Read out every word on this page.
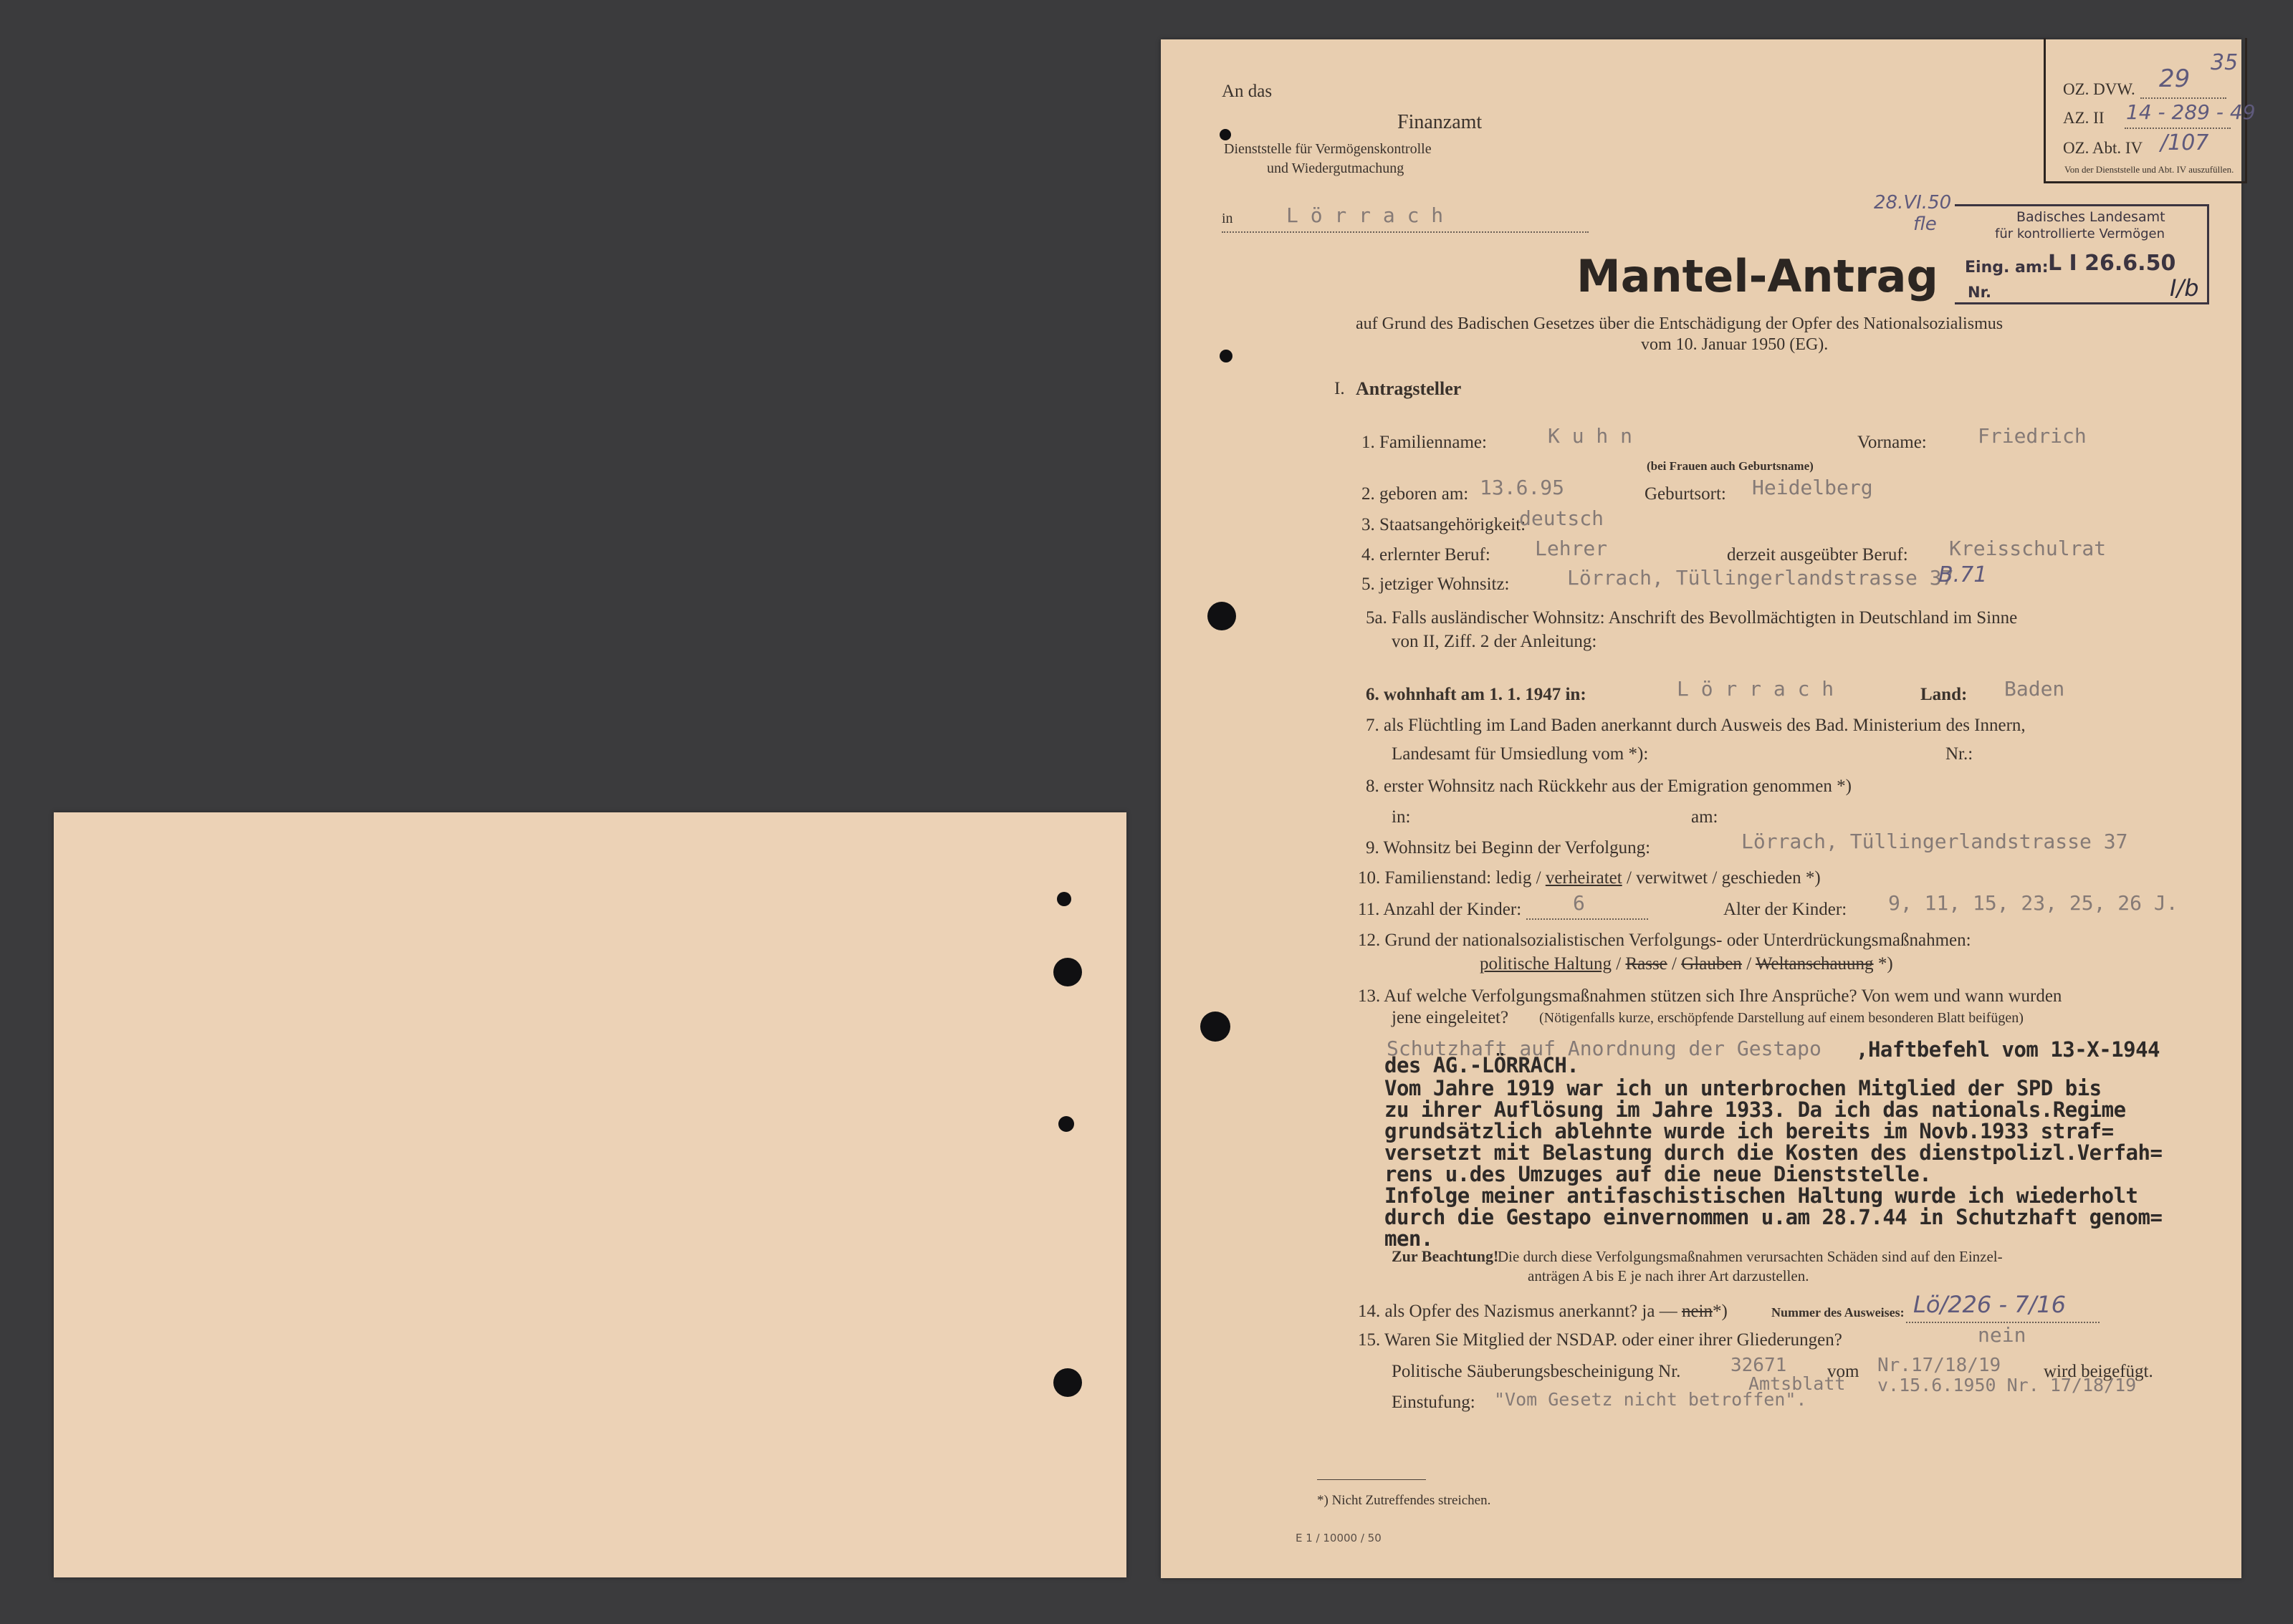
An das
Finanzamt
Dienststelle für Vermögenskontrolle
und Wiedergutmachung
in	L ö r r a c h
OZ. DVW. 29
35
AZ. II 14 - 289 - 49
OZ. Abt. IV /107
Von der Dienststelle und Abt. IV auszufüllen.
28.VI.50
fle	Badisches Landesamt
für kontrollierte Vermögen
Eing. am: L I 26.6.50
Nr.	I/b
Mantel-Antrag
auf Grund des Badischen Gesetzes über die Entschädigung der Opfer des Nationalsozialismus
vom 10. Januar 1950 (EG).
I. Antragsteller
1. Familienname:	K u h n
(bei Frauen auch Geburtsname)
Vorname:	Friedrich
2. geboren am: 13.6.95	Geburtsort: Heidelberg
3. Staatsangehörigkeit:
deutsch
4. erlernter Beruf: Lehrer	derzeit ausgeübter Beruf: Kreisschulrat
5. jetziger Wohnsitz:	Lörrach, Tüllingerlandstrasse 37
B.71
5a. Falls ausländischer Wohnsitz: Anschrift des Bevollmächtigten in Deutschland im Sinne
von II, Ziff. 2 der Anleitung:
6. wohnhaft am 1. 1. 1947 in:	L ö r r a c h	Land: Baden
7. als Flüchtling im Land Baden anerkannt durch Ausweis des Bad. Ministerium des Innern,
Landesamt für Umsiedlung vom *):	Nr.:
8. erster Wohnsitz nach Rückkehr aus der Emigration genommen *)
in:	am:
9. Wohnsitz bei Beginn der Verfolgung:	Lörrach, Tüllingerlandstrasse 37
10. Familienstand: ledig / verheiratet / verwitwet / geschieden *)
11. Anzahl der Kinder:	6	Alter der Kinder: 9, 11, 15, 23, 25, 26 J.
12. Grund der nationalsozialistischen Verfolgungs- oder Unterdrückungsmaßnahmen:
politische Haltung / Rasse / Glauben / Weltanschauung *)
13. Auf welche Verfolgungsmaßnahmen stützen sich Ihre Ansprüche? Von wem und wann wurden
jene eingeleitet? (Nötigenfalls kurze, erschöpfende Darstellung auf einem besonderen Blatt beifügen)
Schutzhaft auf Anordnung der Gestapo ,Haftbefehl vom 13-X-1944
des AG.-LÖRRACH.
Vom Jahre 1919 war ich un unterbrochen Mitglied der SPD bis
zu ihrer Auflösung im Jahre 1933. Da ich das nationals.Regime
grundsätzlich ablehnte wurde ich bereits im Novb.1933 straf=
versetzt mit Belastung durch die Kosten des dienstpolizl.Verfah=
rens u.des Umzuges auf die neue Dienststelle.
Infolge meiner antifaschistischen Haltung wurde ich wiederholt
durch die Gestapo einvernommen u.am 28.7.44 in Schutzhaft genom=
men.
Zur Beachtung!
Die durch diese Verfolgungsmaßnahmen verursachten Schäden sind auf den Einzel-
anträgen A bis E je nach ihrer Art darzustellen.
14. als Opfer des Nazismus anerkannt? ja — nein*)	Nummer des Ausweises: Lö/226 - 7/16
15. Waren Sie Mitglied der NSDAP. oder einer ihrer Gliederungen?	nein
Politische Säuberungsbescheinigung Nr.	32671 vom Nr.17/18/19 wird beigefügt.
Amtsblatt v.15.6.1950 Nr. 17/18/19
Einstufung: "Vom Gesetz nicht betroffen".
*) Nicht Zutreffendes streichen.
E 1 / 10000 / 50
